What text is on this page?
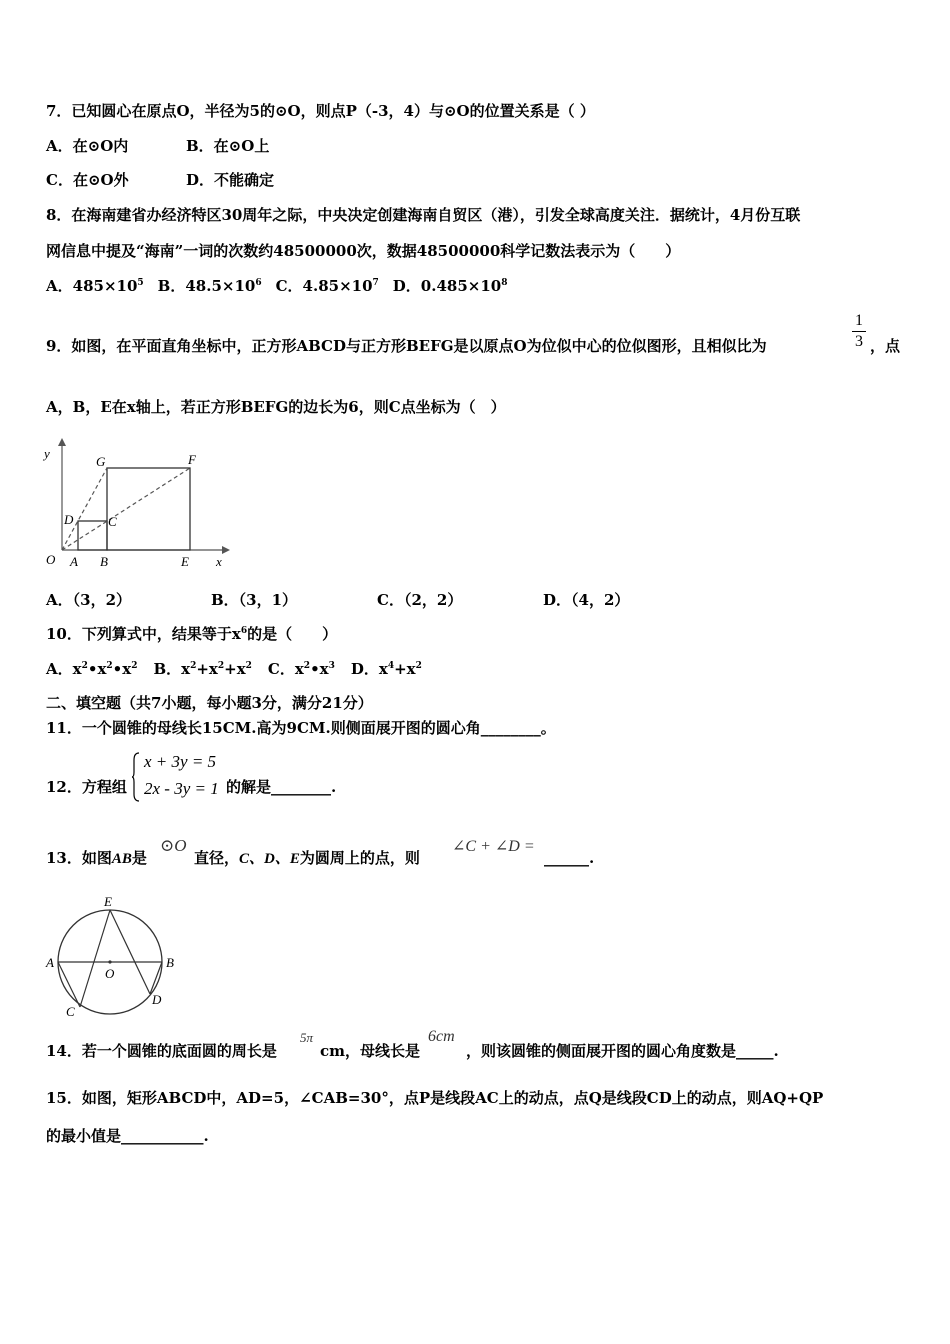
7．已知圆心在原点O，半径为5的⊙O，则点P（-3，4）与⊙O的位置关系是（ ）
A．在⊙O内	B．在⊙O上
C．在⊙O外	D．不能确定
8．在海南建省办经济特区30周年之际，中央决定创建海南自贸区（港），引发全球高度关注．据统计，4月份互联
网信息中提及“海南”一词的次数约48500000次，数据48500000科学记数法表示为（　　）
A．$485\times 10^5$ B．$48.5\times 10^6$ C．$4.85\times 10^7$ D．$0.485\times 10^8$
9．如图，在平面直角坐标中，正方形ABCD与正方形BEFG是以原点O为位似中心的位似图形，且相似比为
1
3 ，点
A，B，E在x轴上，若正方形BEFG的边长为6，则C点坐标为（　）
y
x
O A B
C
D
E
F
G
A．（3，2）	B．（3，1）	C．（2，2）	D．（4，2）
10．下列算式中，结果等于$x^6$的是（　　）
A．$x^2•x^2•x^2$ B．$x^2+x^2+x^2$ C．$x^2•x^3$ D．$x^4+x^2$
二、填空题（共7小题，每小题3分，满分21分）
11．一个圆锥的母线长15CM.高为9CM.则侧面展开图的圆心角________。
12．方程组
x + 3y = 5
2x - 3y = 1 的解是________.
13．如图AB是
⊙O
直径，C、D、E为圆周上的点，则
∠C + ∠D =
______.
E
A	B
O
C
D
14．若一个圆锥的底面圆的周长是
5π
cm，母线长是
6cm
，则该圆锥的侧面展开图的圆心角度数是_____.
15．如图，矩形ABCD中，AD=5，∠CAB=30°，点P是线段AC上的动点，点Q是线段CD上的动点，则AQ+QP
的最小值是___________.
